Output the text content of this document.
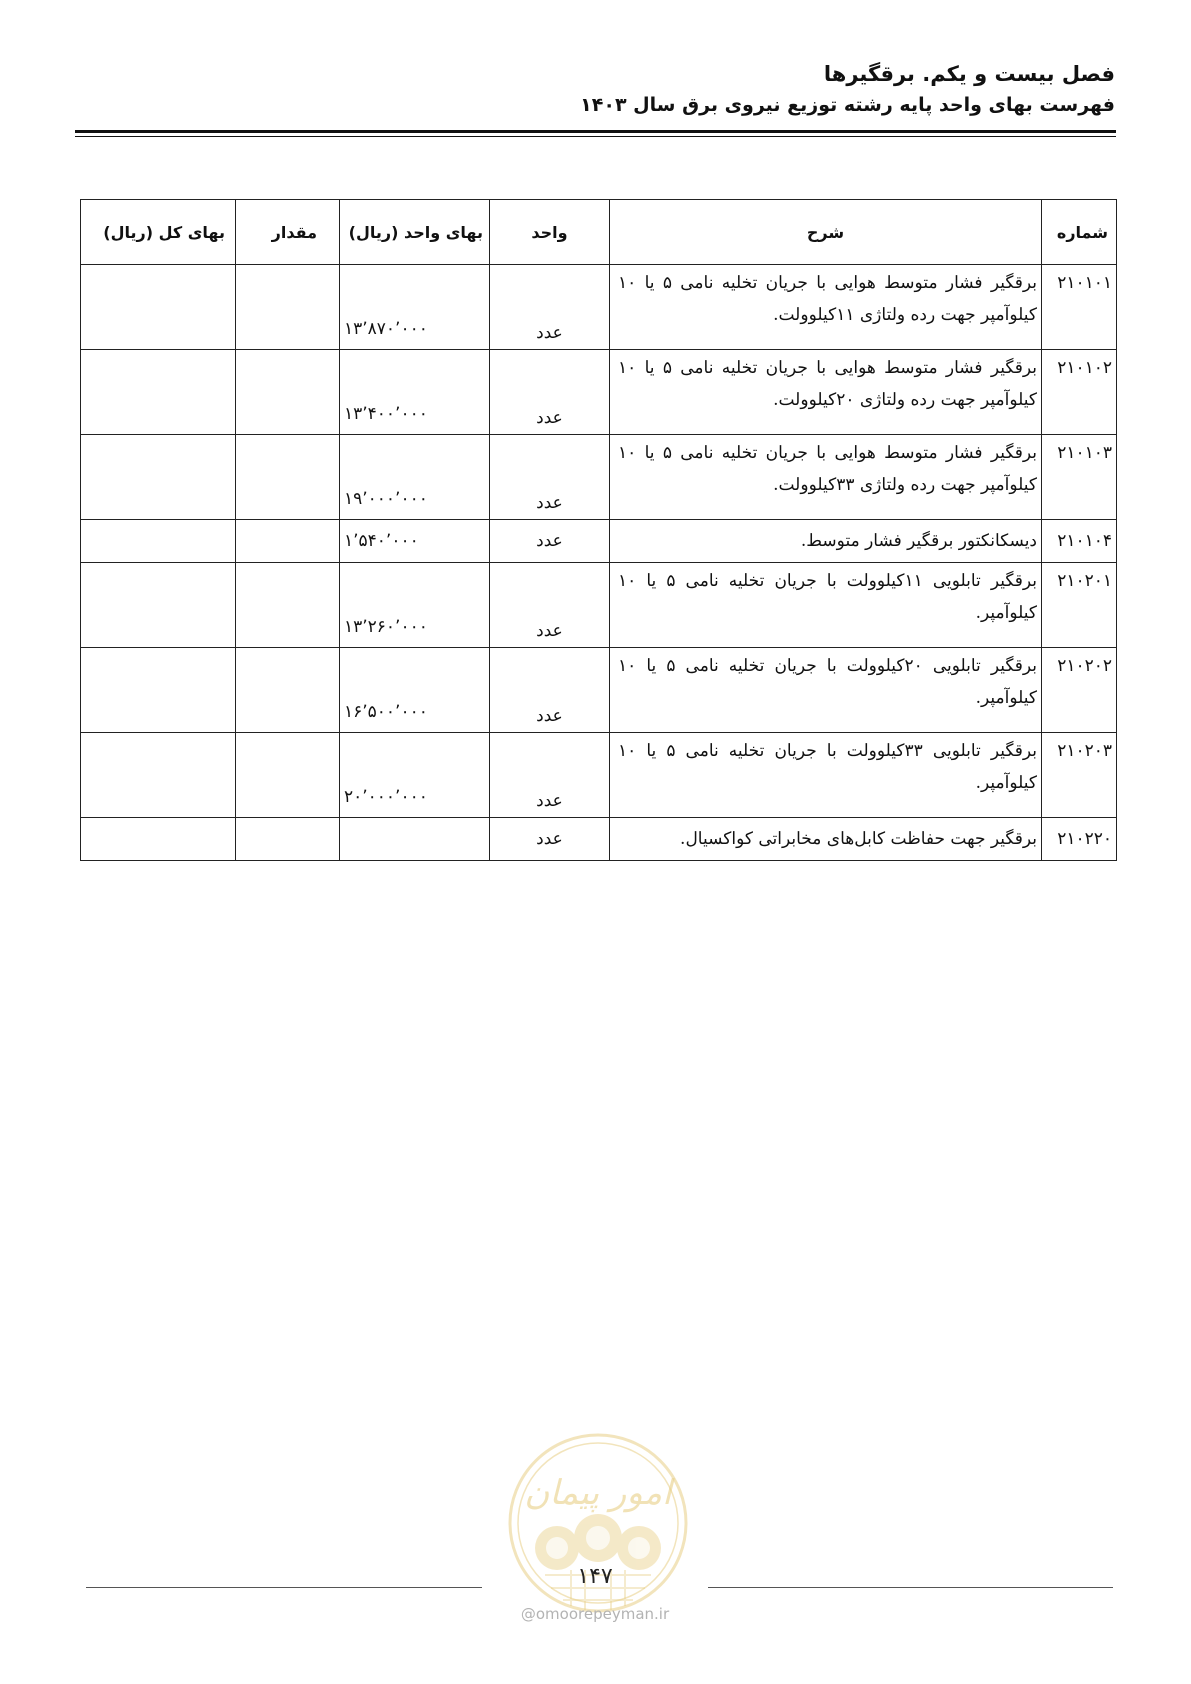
فصل بیست و یکم. برقگیرها

فهرست بهای واحد پایه رشته توزیع نیروی برق سال ۱۴۰۳

شماره	شرح	واحد	بهای واحد (ریال)	مقدار	بهای کل (ریال)
۲۱۰۱۰۱	برقگیر فشار متوسط هوایی با جریان تخلیه نامی ۵ یا ۱۰ کیلوآمپر جهت رده ولتاژی ۱۱کیلوولت.	عدد	۱۳٬۸۷۰٬۰۰۰		
۲۱۰۱۰۲	برقگیر فشار متوسط هوایی با جریان تخلیه نامی ۵ یا ۱۰ کیلوآمپر جهت رده ولتاژی ۲۰کیلوولت.	عدد	۱۳٬۴۰۰٬۰۰۰		
۲۱۰۱۰۳	برقگیر فشار متوسط هوایی با جریان تخلیه نامی ۵ یا ۱۰ کیلوآمپر جهت رده ولتاژی ۳۳کیلوولت.	عدد	۱۹٬۰۰۰٬۰۰۰		
۲۱۰۱۰۴	دیسکانکتور برقگیر فشار متوسط.	عدد	۱٬۵۴۰٬۰۰۰		
۲۱۰۲۰۱	برقگیر تابلویی ۱۱کیلوولت با جریان تخلیه نامی ۵ یا ۱۰ کیلوآمپر.	عدد	۱۳٬۲۶۰٬۰۰۰		
۲۱۰۲۰۲	برقگیر تابلویی ۲۰کیلوولت با جریان تخلیه نامی ۵ یا ۱۰ کیلوآمپر.	عدد	۱۶٬۵۰۰٬۰۰۰		
۲۱۰۲۰۳	برقگیر تابلویی ۳۳کیلوولت با جریان تخلیه نامی ۵ یا ۱۰ کیلوآمپر.	عدد	۲۰٬۰۰۰٬۰۰۰		
۲۱۰۲۲۰	برقگیر جهت حفاظت کابل‌های مخابراتی کواکسیال.	عدد			
امور پیمان
۱۴۷
@omoorepeyman.ir
